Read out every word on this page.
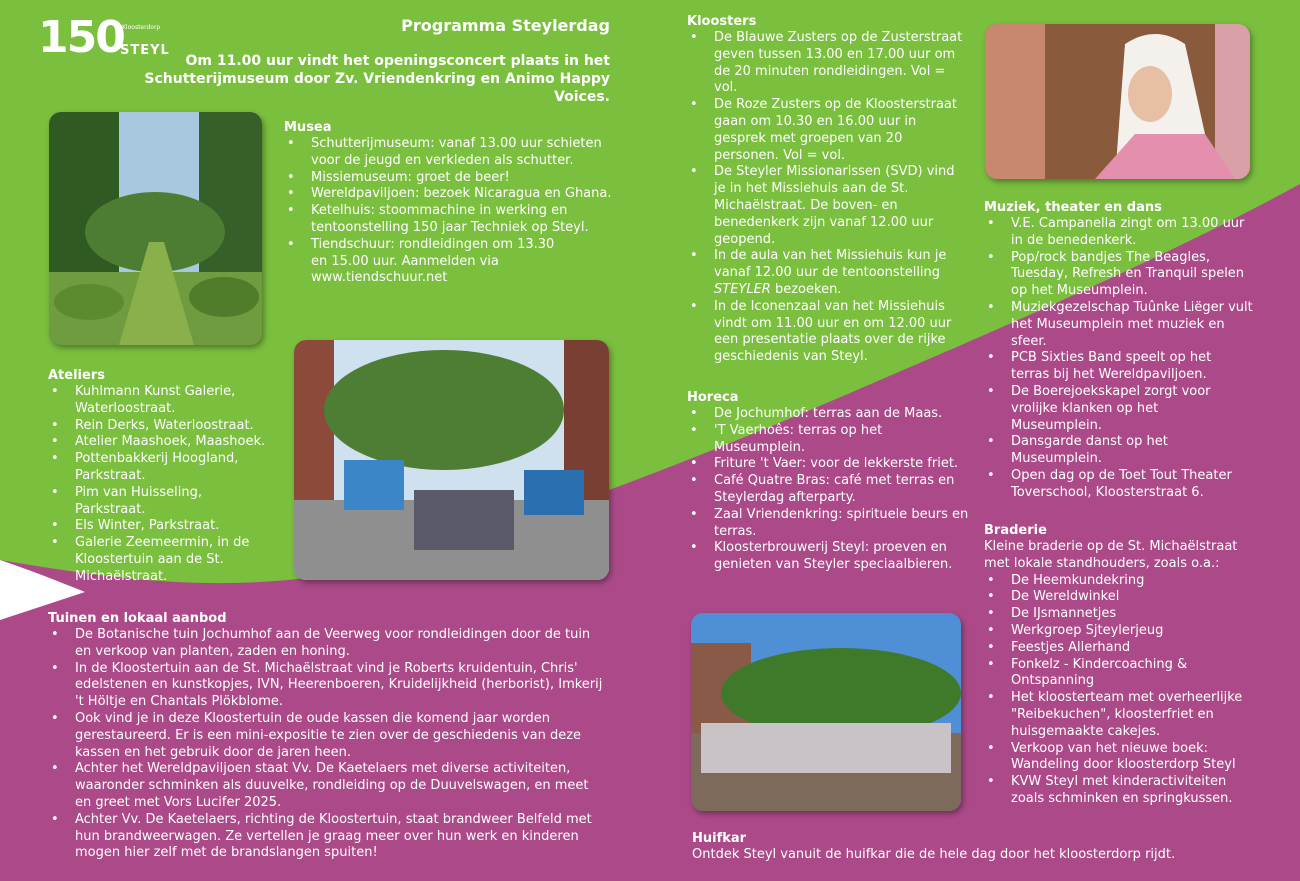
150
Kloosterdorp
STEYL
Programma Steylerdag
Om 11.00 uur vindt het openingsconcert plaats in het Schutterijmuseum door Zv. Vriendenkring en Animo Happy Voices.
Musea
• Schutterijmuseum: vanaf 13.00 uur schieten voor de jeugd en verkleden als schutter.
• Missiemuseum: groet de beer!
• Wereldpaviljoen: bezoek Nicaragua en Ghana.
• Ketelhuis: stoommachine in werking en tentoonstelling 150 jaar Techniek op Steyl.
• Tiendschuur: rondleidingen om 13.30 en 15.00 uur. Aanmelden via www.tiendschuur.net
Ateliers
• Kuhlmann Kunst Galerie, Waterloostraat.
• Rein Derks, Waterloostraat.
• Atelier Maashoek, Maashoek.
• Pottenbakkerij Hoogland, Parkstraat.
• Pim van Huisseling, Parkstraat.
• Els Winter, Parkstraat.
• Galerie Zeemeermin, in de Kloostertuin aan de St. Michaëlstraat.
Tuinen en lokaal aanbod
• De Botanische tuin Jochumhof aan de Veerweg voor rondleidingen door de tuin en verkoop van planten, zaden en honing.
• In de Kloostertuin aan de St. Michaëlstraat vind je Roberts kruidentuin, Chris' edelstenen en kunstkopjes, IVN, Heerenboeren, Kruidelijkheid (herborist), Imkerij 't Höltje en Chantals Plökblome.
• Ook vind je in deze Kloostertuin de oude kassen die komend jaar worden gerestaureerd. Er is een mini-expositie te zien over de geschiedenis van deze kassen en het gebruik door de jaren heen.
• Achter het Wereldpaviljoen staat Vv. De Kaetelaers met diverse activiteiten, waaronder schminken als duuvelke, rondleiding op de Duuvelswagen, en meet en greet met Vors Lucifer 2025.
• Achter Vv. De Kaetelaers, richting de Kloostertuin, staat brandweer Belfeld met hun brandweerwagen. Ze vertellen je graag meer over hun werk en kinderen mogen hier zelf met de brandslangen spuiten!
Kloosters
• De Blauwe Zusters op de Zusterstraat geven tussen 13.00 en 17.00 uur om de 20 minuten rondleidingen. Vol = vol.
• De Roze Zusters op de Kloosterstraat gaan om 10.30 en 16.00 uur in gesprek met groepen van 20 personen. Vol = vol.
• De Steyler Missionarissen (SVD) vind je in het Missiehuis aan de St. Michaëlstraat. De boven- en benedenkerk zijn vanaf 12.00 uur geopend.
• In de aula van het Missiehuis kun je vanaf 12.00 uur de tentoonstelling STEYLER bezoeken.
• In de Iconenzaal van het Missiehuis vindt om 11.00 uur en om 12.00 uur een presentatie plaats over de rijke geschiedenis van Steyl.
Horeca
• De Jochumhof: terras aan de Maas.
• 'T Vaerhoês: terras op het Museumplein.
• Friture 't Vaer: voor de lekkerste friet.
• Café Quatre Bras: café met terras en Steylerdag afterparty.
• Zaal Vriendenkring: spirituele beurs en terras.
• Kloosterbrouwerij Steyl: proeven en genieten van Steyler speciaalbieren.
Huifkar
Ontdek Steyl vanuit de huifkar die de hele dag door het kloosterdorp rijdt.
Muziek, theater en dans
• V.E. Campanella zingt om 13.00 uur in de benedenkerk.
• Pop/rock bandjes The Beagles, Tuesday, Refresh en Tranquil spelen op het Museumplein.
• Muziekgezelschap Tuûnke Liëger vult het Museumplein met muziek en sfeer.
• PCB Sixties Band speelt op het terras bij het Wereldpaviljoen.
• De Boerejoekskapel zorgt voor vrolijke klanken op het Museumplein.
• Dansgarde danst op het Museumplein.
• Open dag op de Toet Tout Theater Toverschool, Kloosterstraat 6.
Braderie
Kleine braderie op de St. Michaëlstraat met lokale standhouders, zoals o.a.:
• De Heemkundekring
• De Wereldwinkel
• De IJsmannetjes
• Werkgroep Sjteylerjeug
• Feestjes Allerhand
• Fonkelz - Kindercoaching & Ontspanning
• Het kloosterteam met overheerlijke "Reibekuchen", kloosterfriet en huisgemaakte cakejes.
• Verkoop van het nieuwe boek: Wandeling door kloosterdorp Steyl
• KVW Steyl met kinderactiviteiten zoals schminken en springkussen.
